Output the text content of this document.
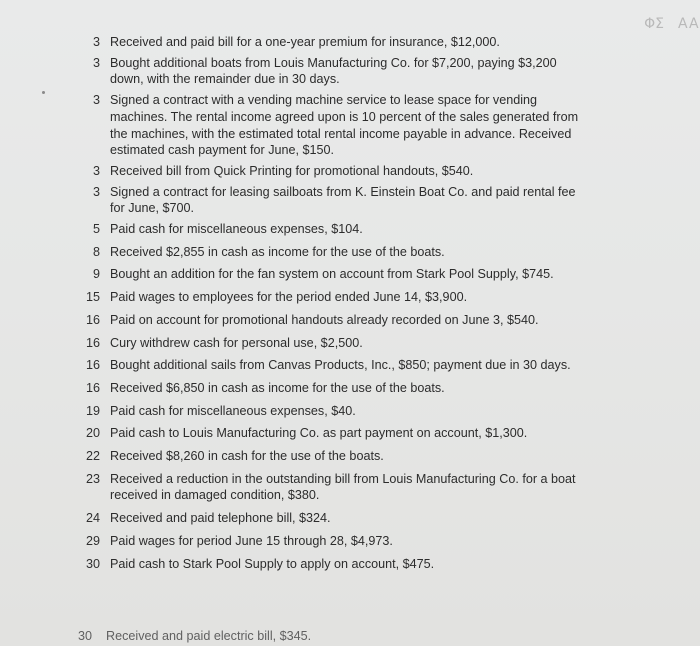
ΦΣ AA
3 Received and paid bill for a one-year premium for insurance, $12,000.
3 Bought additional boats from Louis Manufacturing Co. for $7,200, paying $3,200
down, with the remainder due in 30 days.
3 Signed a contract with a vending machine service to lease space for vending
machines. The rental income agreed upon is 10 percent of the sales generated from
the machines, with the estimated total rental income payable in advance. Received
estimated cash payment for June, $150.
3 Received bill from Quick Printing for promotional handouts, $540.
3 Signed a contract for leasing sailboats from K. Einstein Boat Co. and paid rental fee
for June, $700.
5 Paid cash for miscellaneous expenses, $104.
8 Received $2,855 in cash as income for the use of the boats.
9 Bought an addition for the fan system on account from Stark Pool Supply, $745.
15 Paid wages to employees for the period ended June 14, $3,900.
16 Paid on account for promotional handouts already recorded on June 3, $540.
16 Cury withdrew cash for personal use, $2,500.
16 Bought additional sails from Canvas Products, Inc., $850; payment due in 30 days.
16 Received $6,850 in cash as income for the use of the boats.
19 Paid cash for miscellaneous expenses, $40.
20 Paid cash to Louis Manufacturing Co. as part payment on account, $1,300.
22 Received $8,260 in cash for the use of the boats.
23 Received a reduction in the outstanding bill from Louis Manufacturing Co. for a boat
received in damaged condition, $380.
24 Received and paid telephone bill, $324.
29 Paid wages for period June 15 through 28, $4,973.
30 Paid cash to Stark Pool Supply to apply on account, $475.
30 Received and paid electric bill, $345.
